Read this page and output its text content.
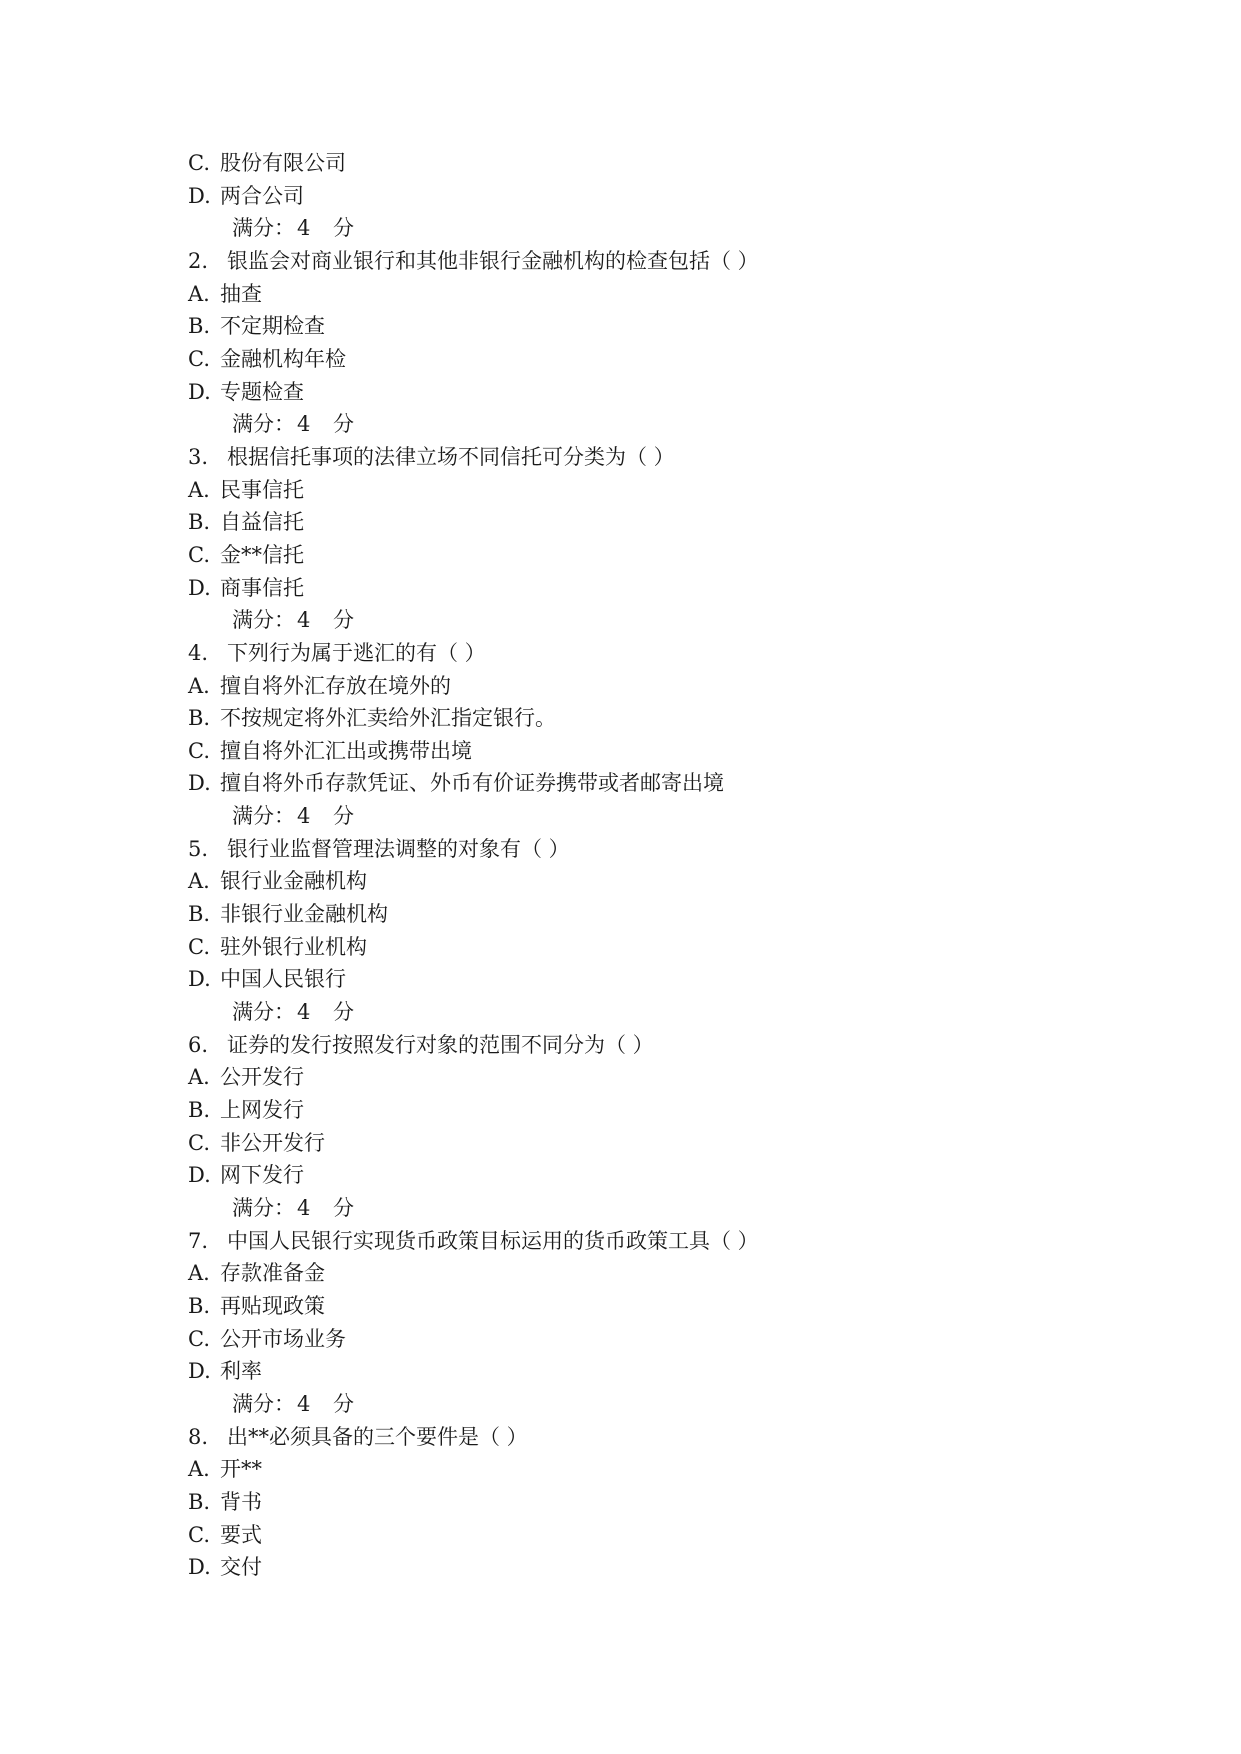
C. 股份有限公司
D. 两合公司
满分： 4 分
2. 银监会对商业银行和其他非银行金融机构的检查包括（ ）
A. 抽查
B. 不定期检查
C. 金融机构年检
D. 专题检查
满分： 4 分
3. 根据信托事项的法律立场不同信托可分类为（ ）
A. 民事信托
B. 自益信托
C. 金**信托
D. 商事信托
满分： 4 分
4. 下列行为属于逃汇的有（ ）
A. 擅自将外汇存放在境外的
B. 不按规定将外汇卖给外汇指定银行。
C. 擅自将外汇汇出或携带出境
D. 擅自将外币存款凭证、外币有价证券携带或者邮寄出境
满分： 4 分
5. 银行业监督管理法调整的对象有（ ）
A. 银行业金融机构
B. 非银行业金融机构
C. 驻外银行业机构
D. 中国人民银行
满分： 4 分
6. 证券的发行按照发行对象的范围不同分为（ ）
A. 公开发行
B. 上网发行
C. 非公开发行
D. 网下发行
满分： 4 分
7. 中国人民银行实现货币政策目标运用的货币政策工具（ ）
A. 存款准备金
B. 再贴现政策
C. 公开市场业务
D. 利率
满分： 4 分
8. 出**必须具备的三个要件是（ ）
A. 开**
B. 背书
C. 要式
D. 交付
